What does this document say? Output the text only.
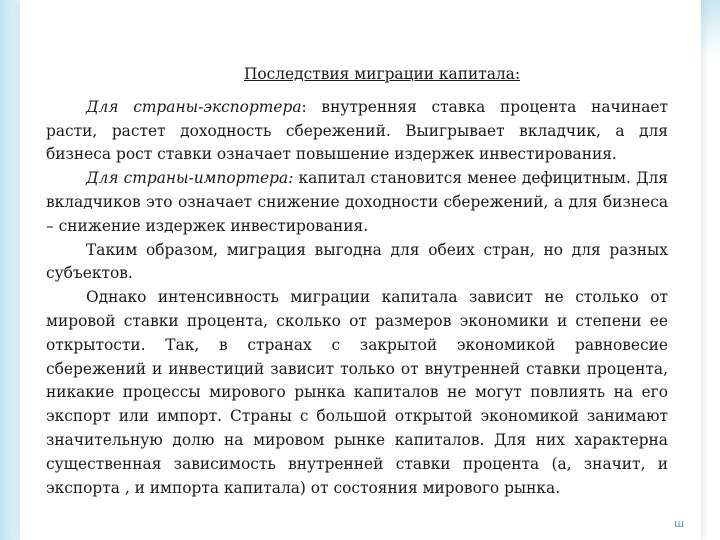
Последствия миграции капитала:

Для страны-экспортера: внутренняя ставка процента начинает расти, растет доходность сбережений. Выигрывает вкладчик, а для бизнеса рост ставки означает повышение издержек инвестирования.

Для страны-импортера: капитал становится менее дефицитным. Для вкладчиков это означает снижение доходности сбережений, а для бизнеса – снижение издержек инвестирования.

Таким образом, миграция выгодна для обеих стран, но для разных субъектов.

Однако интенсивность миграции капитала зависит не столько от мировой ставки процента, сколько от размеров экономики и степени ее открытости. Так, в странах с закрытой экономикой равновесие сбережений и инвестиций зависит только от внутренней ставки процента, никакие процессы мирового рынка капиталов не могут повлиять на его экспорт или импорт. Страны с большой открытой экономикой занимают значительную долю на мировом рынке капиталов. Для них характерна существенная зависимость внутренней ставки процента (а, значит, и экспорта , и импорта капитала) от состояния мирового рынка.

ш
